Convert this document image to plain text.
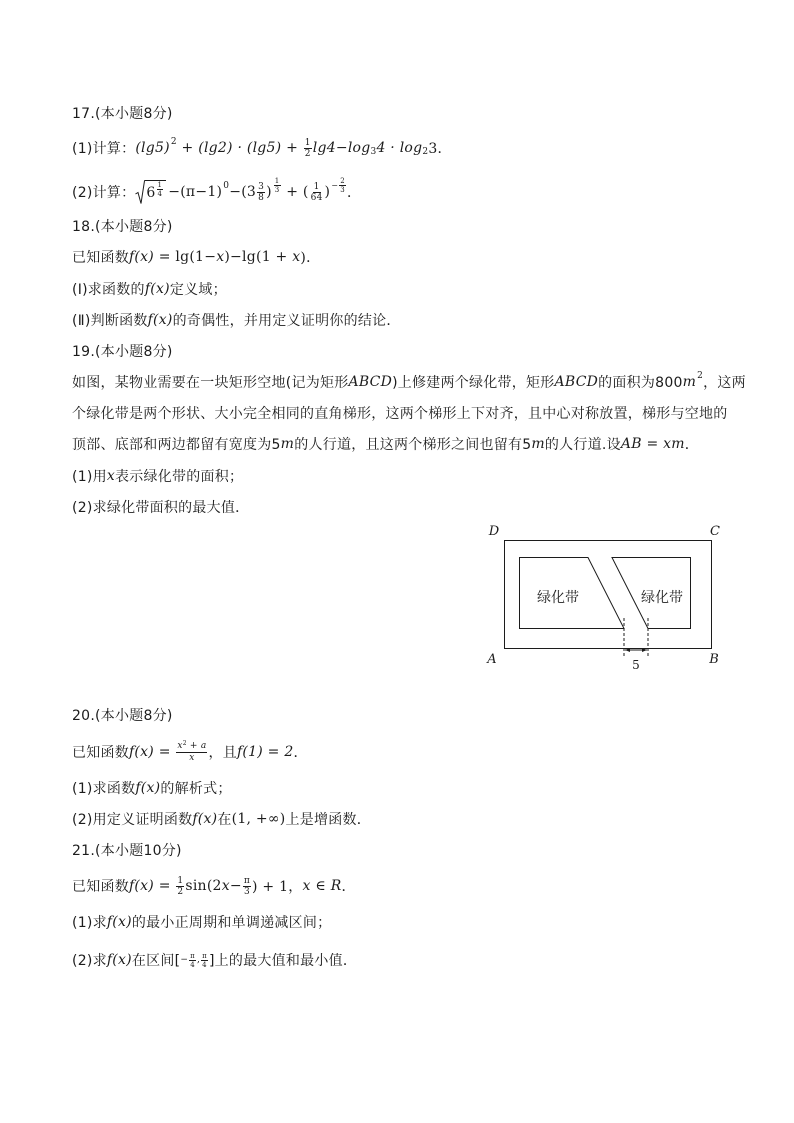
17.(本小题8分)
(1)计算： (lg5) $2 + (\lg 2) \cdot (\lg 5) + \frac{1}{2} \lg 4-\log$ 3 4 · log 2 3．
(2)计算： $6 \frac{1}{4} -(\pi-1)$ $0 -(3 \frac{3}{8}$ ) $\frac{1}{3}$ + ( $\frac{1}{64}$ ) − $\frac{2}{3}$ ．
18.(本小题8分)
已知函数 f(x) = lg(1− x )−lg(1 + x )．
(Ⅰ)求函数的 f(x) 定义域；
(Ⅱ)判断函数 f(x) 的奇偶性，并用定义证明你的结论．
19.(本小题8分)
如图，某物业需要在一块矩形空地(记为矩形 ABCD )上修建两个绿化带，矩形 ABCD 的面积为800 m 2 ，这两
个绿化带是两个形状、大小完全相同的直角梯形，这两个梯形上下对齐，且中心对称放置，梯形与空地的
顶部、底部和两边都留有宽度为5 m 的人行道，且这两个梯形之间也留有5 m 的人行道.设 AB = xm ．
(1)用 x 表示绿化带的面积；
(2)求绿化带面积的最大值．
D	C
A	B
绿化带	绿化带
5
20.(本小题8分)
已知函数 $f(x) = \frac{x^2 + a}{x}$ ，且 f(1) = 2 ．
(1)求函数 f(x) 的解析式；
(2)用定义证明函数 f(x) 在 (1, +∞) 上是增函数．
21.(本小题10分)
已知函数 $f(x) = \frac{1}{2} \sin(2$ $x - \frac{\pi}{3}$ ) + 1， x ∈ R ．
(1)求 f(x) 的最小正周期和单调递减区间；
(2)求 f(x) 在区间[ − $\frac{\pi}{4}$ , $\frac{\pi}{4}$ ]上的最大值和最小值．
